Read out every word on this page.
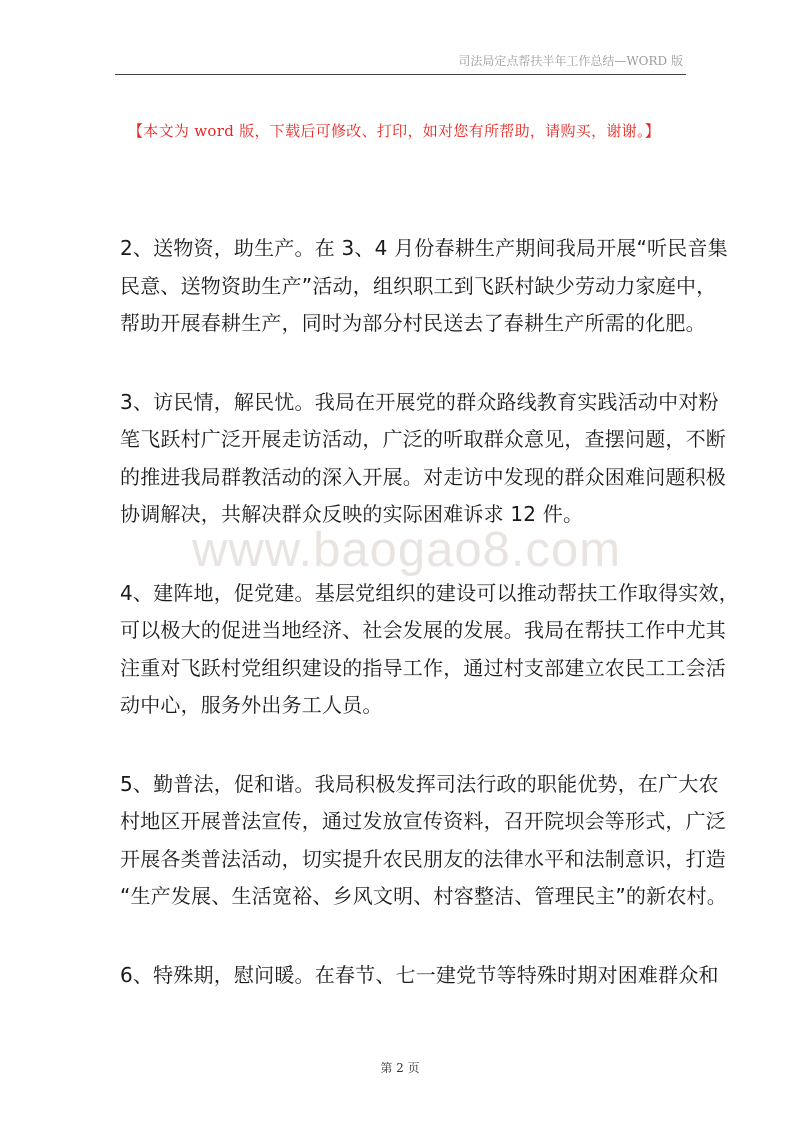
司法局定点帮扶半年工作总结—WORD 版
【本文为 word 版，下载后可修改、打印，如对您有所帮助，请购买，谢谢。】
www.baogao8.com

2、送物资，助生产。在 3、4 月份春耕生产期间我局开展“听民音集
民意、送物资助生产”活动，组织职工到飞跃村缺少劳动力家庭中，
帮助开展春耕生产，同时为部分村民送去了春耕生产所需的化肥。

3、访民情，解民忧。我局在开展党的群众路线教育实践活动中对粉
笔飞跃村广泛开展走访活动，广泛的听取群众意见，查摆问题，不断
的推进我局群教活动的深入开展。对走访中发现的群众困难问题积极
协调解决，共解决群众反映的实际困难诉求 12 件。

4、建阵地，促党建。基层党组织的建设可以推动帮扶工作取得实效，
可以极大的促进当地经济、社会发展的发展。我局在帮扶工作中尤其
注重对飞跃村党组织建设的指导工作，通过村支部建立农民工工会活
动中心，服务外出务工人员。

5、勤普法，促和谐。我局积极发挥司法行政的职能优势，在广大农
村地区开展普法宣传，通过发放宣传资料，召开院坝会等形式，广泛
开展各类普法活动，切实提升农民朋友的法律水平和法制意识，打造
“生产发展、生活宽裕、乡风文明、村容整洁、管理民主”的新农村。

6、特殊期，慰问暖。在春节、七一建党节等特殊时期对困难群众和

第 2 页
